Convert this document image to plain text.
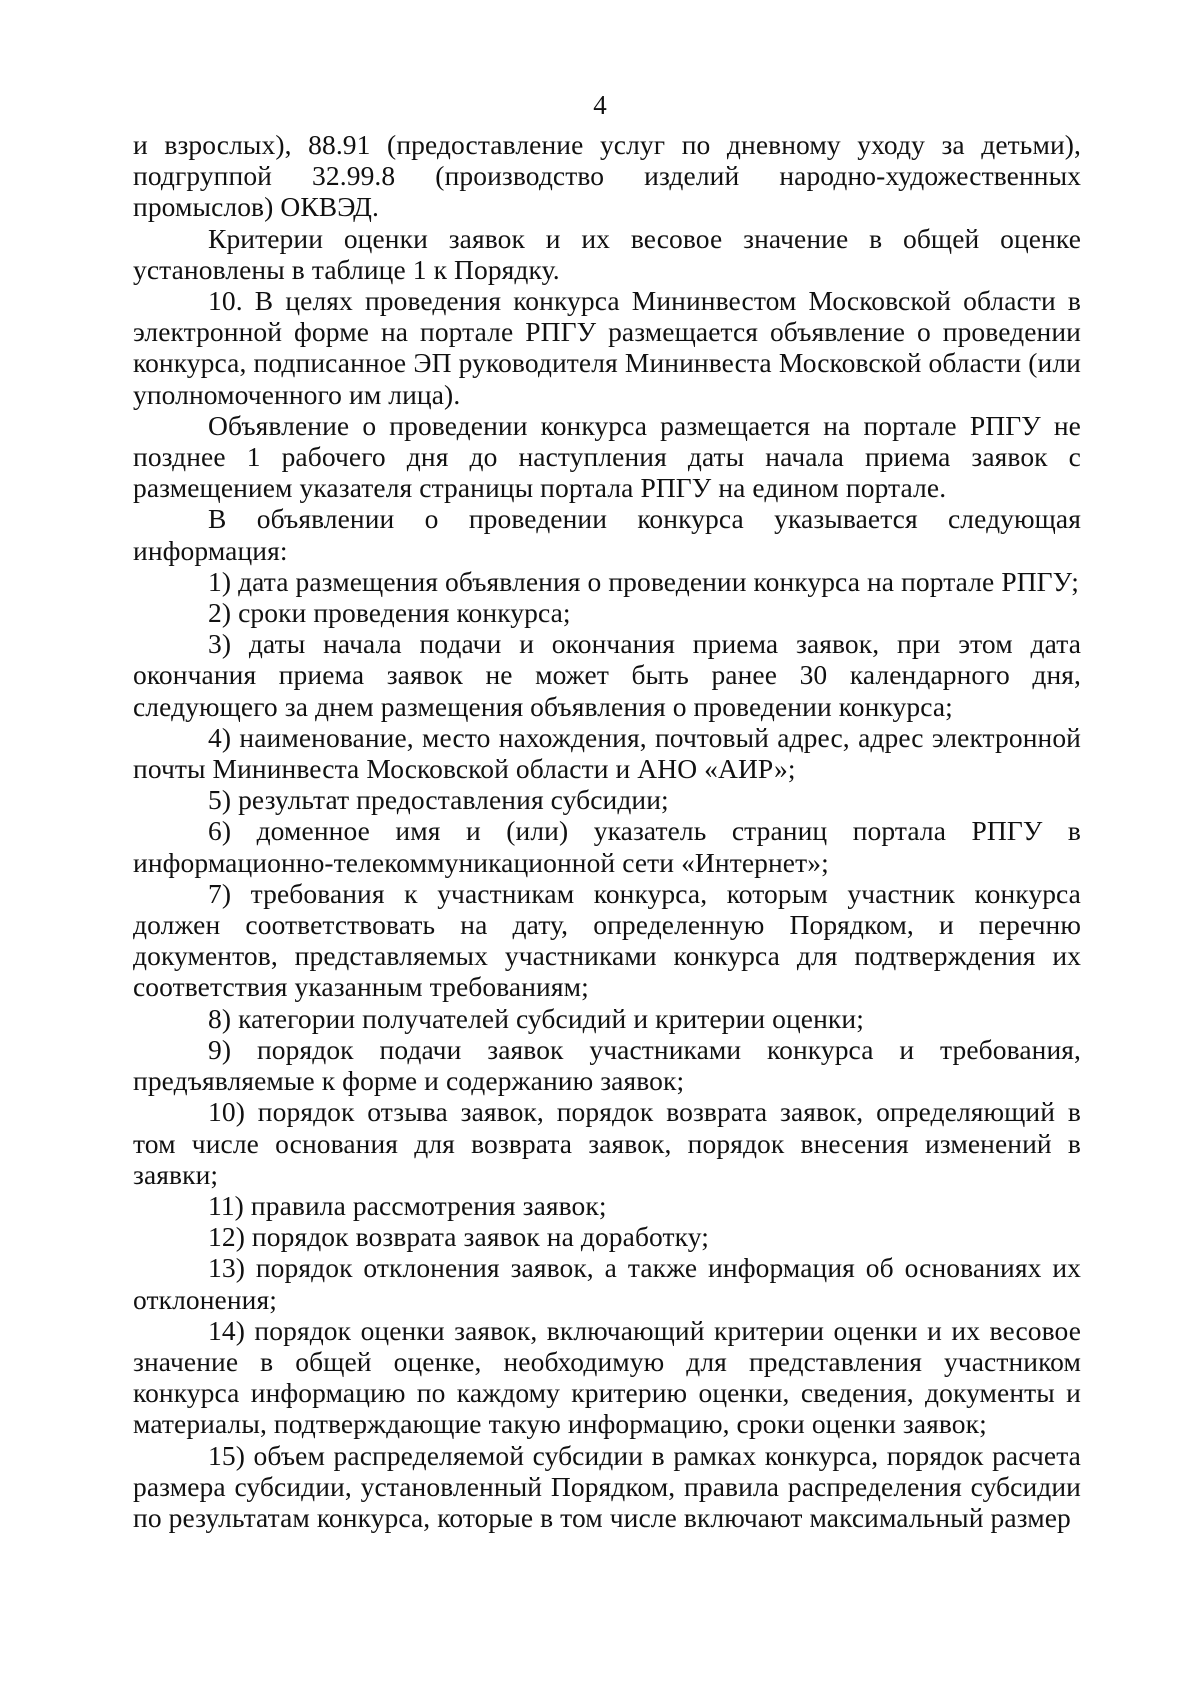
4

и взрослых), 88.91 (предоставление услуг по дневному уходу за детьми), подгруппой 32.99.8 (производство изделий народно-художественных промыслов) ОКВЭД.

Критерии оценки заявок и их весовое значение в общей оценке установлены в таблице 1 к Порядку.

10. В целях проведения конкурса Мининвестом Московской области в электронной форме на портале РПГУ размещается объявление о проведении конкурса, подписанное ЭП руководителя Мининвеста Московской области (или уполномоченного им лица).

Объявление о проведении конкурса размещается на портале РПГУ не позднее 1 рабочего дня до наступления даты начала приема заявок с размещением указателя страницы портала РПГУ на едином портале.

В объявлении о проведении конкурса указывается следующая информация:

1) дата размещения объявления о проведении конкурса на портале РПГУ;

2) сроки проведения конкурса;

3) даты начала подачи и окончания приема заявок, при этом дата окончания приема заявок не может быть ранее 30 календарного дня, следующего за днем размещения объявления о проведении конкурса;

4) наименование, место нахождения, почтовый адрес, адрес электронной почты Мининвеста Московской области и АНО «АИР»;

5) результат предоставления субсидии;

6) доменное имя и (или) указатель страниц портала РПГУ в информационно-телекоммуникационной сети «Интернет»;

7) требования к участникам конкурса, которым участник конкурса должен соответствовать на дату, определенную Порядком, и перечню документов, представляемых участниками конкурса для подтверждения их соответствия указанным требованиям;

8) категории получателей субсидий и критерии оценки;

9) порядок подачи заявок участниками конкурса и требования, предъявляемые к форме и содержанию заявок;

10) порядок отзыва заявок, порядок возврата заявок, определяющий в том числе основания для возврата заявок, порядок внесения изменений в заявки;

11) правила рассмотрения заявок;

12) порядок возврата заявок на доработку;

13) порядок отклонения заявок, а также информация об основаниях их отклонения;

14) порядок оценки заявок, включающий критерии оценки и их весовое значение в общей оценке, необходимую для представления участником конкурса информацию по каждому критерию оценки, сведения, документы и материалы, подтверждающие такую информацию, сроки оценки заявок;

15) объем распределяемой субсидии в рамках конкурса, порядок расчета размера субсидии, установленный Порядком, правила распределения субсидии по результатам конкурса, которые в том числе включают максимальный размер
